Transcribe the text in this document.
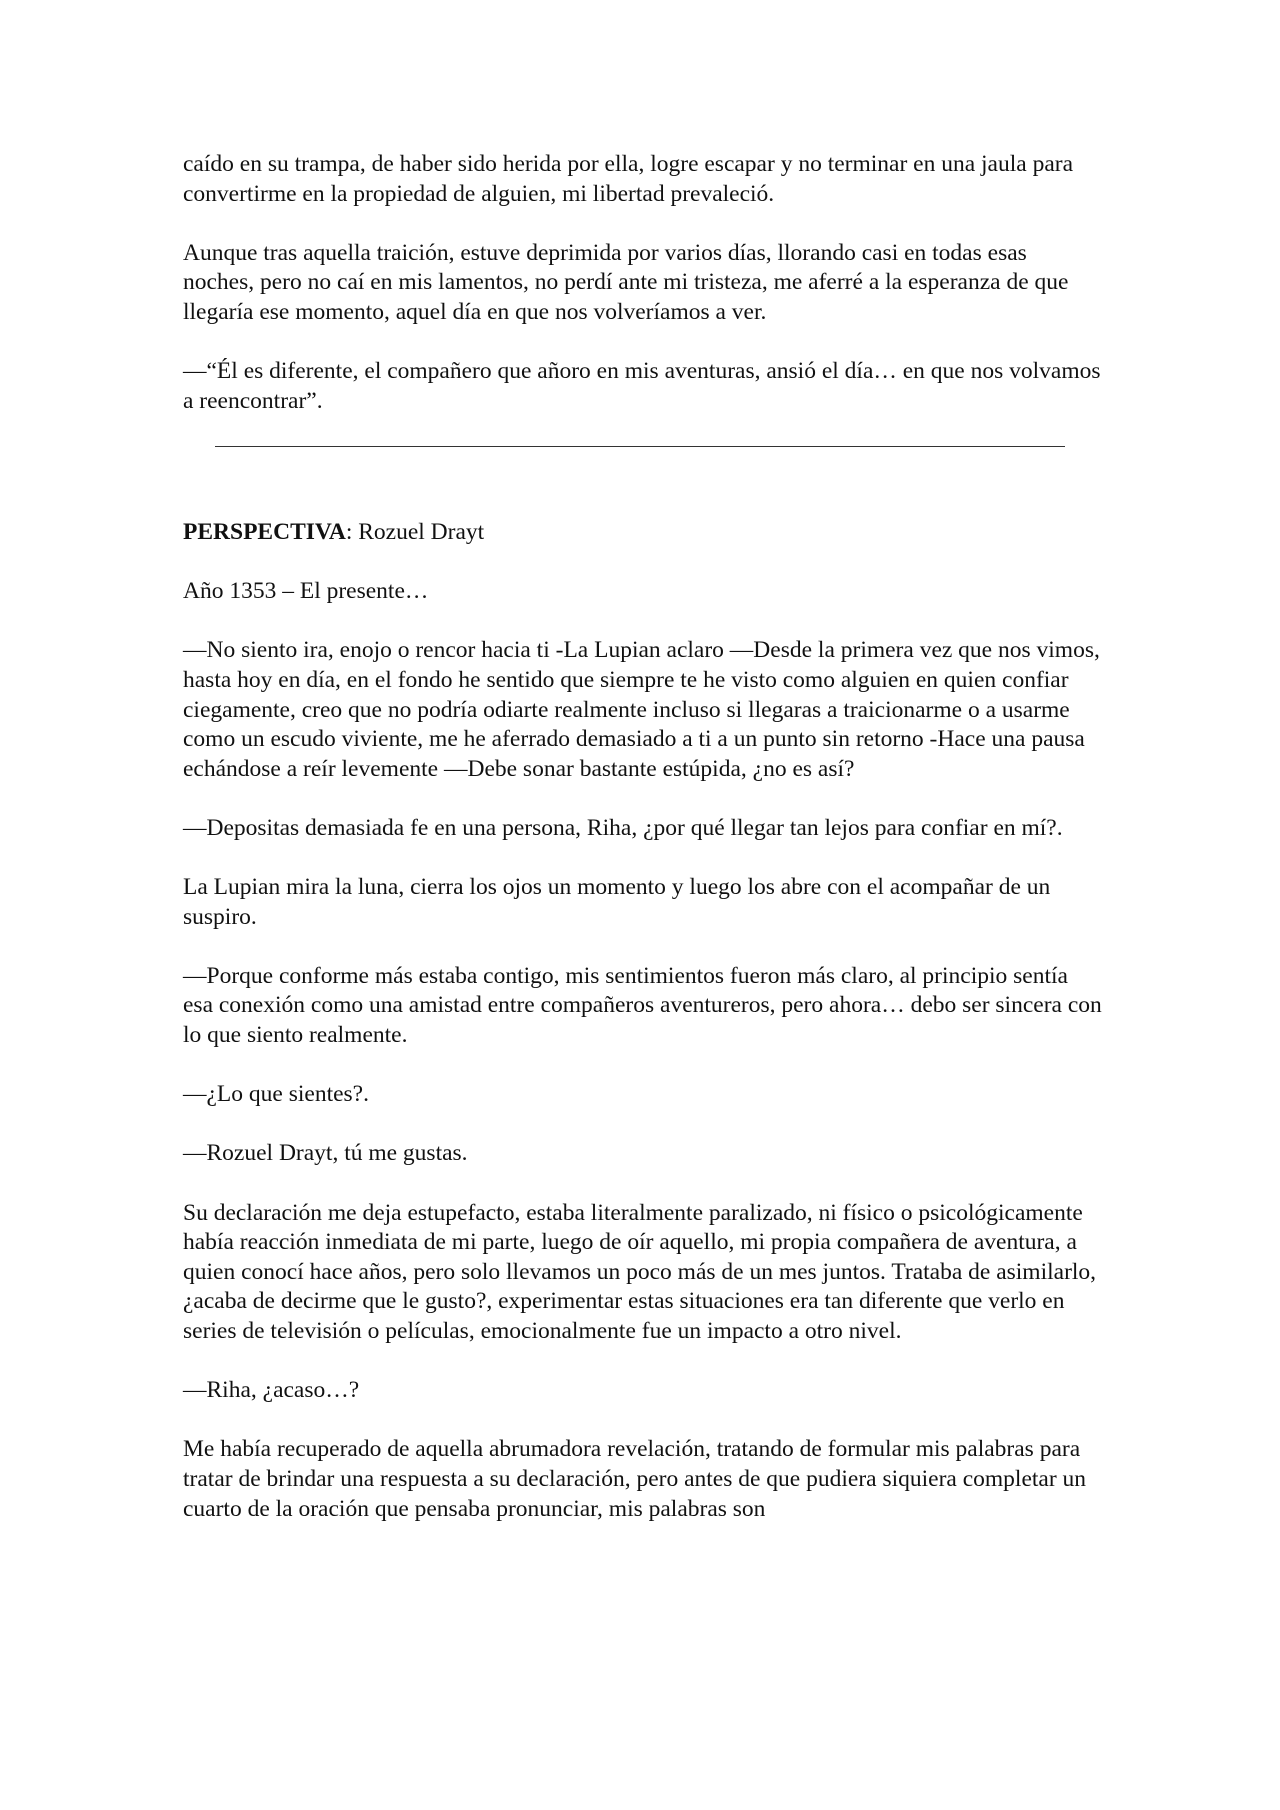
caído en su trampa, de haber sido herida por ella, logre escapar y no terminar en una jaula para convertirme en la propiedad de alguien, mi libertad prevaleció.

Aunque tras aquella traición, estuve deprimida por varios días, llorando casi en todas esas noches, pero no caí en mis lamentos, no perdí ante mi tristeza, me aferré a la esperanza de que llegaría ese momento, aquel día en que nos volveríamos a ver.

—“Él es diferente, el compañero que añoro en mis aventuras, ansió el día… en que nos volvamos a reencontrar”.

PERSPECTIVA: Rozuel Drayt

Año 1353 – El presente…

—No siento ira, enojo o rencor hacia ti -La Lupian aclaro —Desde la primera vez que nos vimos, hasta hoy en día, en el fondo he sentido que siempre te he visto como alguien en quien confiar ciegamente, creo que no podría odiarte realmente incluso si llegaras a traicionarme o a usarme como un escudo viviente, me he aferrado demasiado a ti a un punto sin retorno -Hace una pausa echándose a reír levemente —Debe sonar bastante estúpida, ¿no es así?

—Depositas demasiada fe en una persona, Riha, ¿por qué llegar tan lejos para confiar en mí?.

La Lupian mira la luna, cierra los ojos un momento y luego los abre con el acompañar de un suspiro.

—Porque conforme más estaba contigo, mis sentimientos fueron más claro, al principio sentía esa conexión como una amistad entre compañeros aventureros, pero ahora… debo ser sincera con lo que siento realmente.

—¿Lo que sientes?.

—Rozuel Drayt, tú me gustas.

Su declaración me deja estupefacto, estaba literalmente paralizado, ni físico o psicológicamente había reacción inmediata de mi parte, luego de oír aquello, mi propia compañera de aventura, a quien conocí hace años, pero solo llevamos un poco más de un mes juntos. Trataba de asimilarlo, ¿acaba de decirme que le gusto?, experimentar estas situaciones era tan diferente que verlo en series de televisión o películas, emocionalmente fue un impacto a otro nivel.

—Riha, ¿acaso…?

Me había recuperado de aquella abrumadora revelación, tratando de formular mis palabras para tratar de brindar una respuesta a su declaración, pero antes de que pudiera siquiera completar un cuarto de la oración que pensaba pronunciar, mis palabras son
